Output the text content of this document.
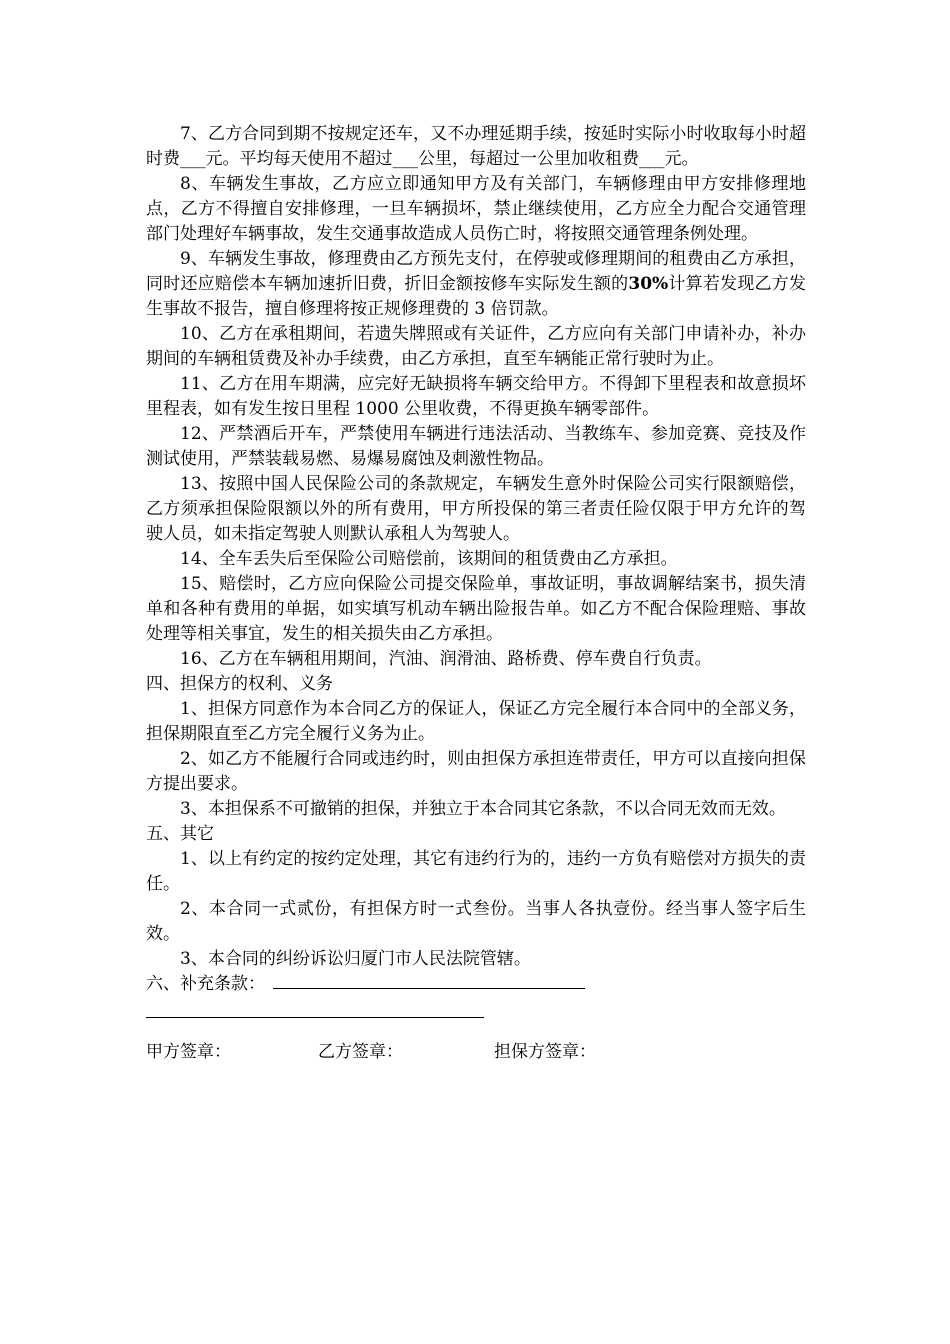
7、乙方合同到期不按规定还车，又不办理延期手续，按延时实际小时收取每小时超时费___元。平均每天使用不超过___公里，每超过一公里加收租费___元。

8、车辆发生事故，乙方应立即通知甲方及有关部门，车辆修理由甲方安排修理地点，乙方不得擅自安排修理，一旦车辆损坏，禁止继续使用，乙方应全力配合交通管理部门处理好车辆事故，发生交通事故造成人员伤亡时，将按照交通管理条例处理。

9、车辆发生事故，修理费由乙方预先支付，在停驶或修理期间的租费由乙方承担，同时还应赔偿本车辆加速折旧费，折旧金额按修车实际发生额的30%计算若发现乙方发生事故不报告，擅自修理将按正规修理费的 3 倍罚款。

10、乙方在承租期间，若遗失牌照或有关证件，乙方应向有关部门申请补办，补办期间的车辆租赁费及补办手续费，由乙方承担，直至车辆能正常行驶时为止。

11、乙方在用车期满，应完好无缺损将车辆交给甲方。不得卸下里程表和故意损坏里程表，如有发生按日里程 1000 公里收费，不得更换车辆零部件。

12、严禁酒后开车，严禁使用车辆进行违法活动、当教练车、参加竞赛、竞技及作测试使用，严禁装载易燃、易爆易腐蚀及刺激性物品。

13、按照中国人民保险公司的条款规定，车辆发生意外时保险公司实行限额赔偿，乙方须承担保险限额以外的所有费用，甲方所投保的第三者责任险仅限于甲方允许的驾驶人员，如未指定驾驶人则默认承租人为驾驶人。

14、全车丢失后至保险公司赔偿前，该期间的租赁费由乙方承担。

15、赔偿时，乙方应向保险公司提交保险单，事故证明，事故调解结案书，损失清单和各种有费用的单据，如实填写机动车辆出险报告单。如乙方不配合保险理赔、事故处理等相关事宜，发生的相关损失由乙方承担。

16、乙方在车辆租用期间，汽油、润滑油、路桥费、停车费自行负责。

四、担保方的权利、义务

1、担保方同意作为本合同乙方的保证人，保证乙方完全履行本合同中的全部义务，担保期限直至乙方完全履行义务为止。

2、如乙方不能履行合同或违约时，则由担保方承担连带责任，甲方可以直接向担保方提出要求。

3、本担保系不可撤销的担保，并独立于本合同其它条款，不以合同无效而无效。

五、其它

1、以上有约定的按约定处理，其它有违约行为的，违约一方负有赔偿对方损失的责任。

2、本合同一式贰份，有担保方时一式叁份。当事人各执壹份。经当事人签字后生效。

3、本合同的纠纷诉讼归厦门市人民法院管辖。

六、补充条款：

甲方签章：	乙方签章：	担保方签章：
